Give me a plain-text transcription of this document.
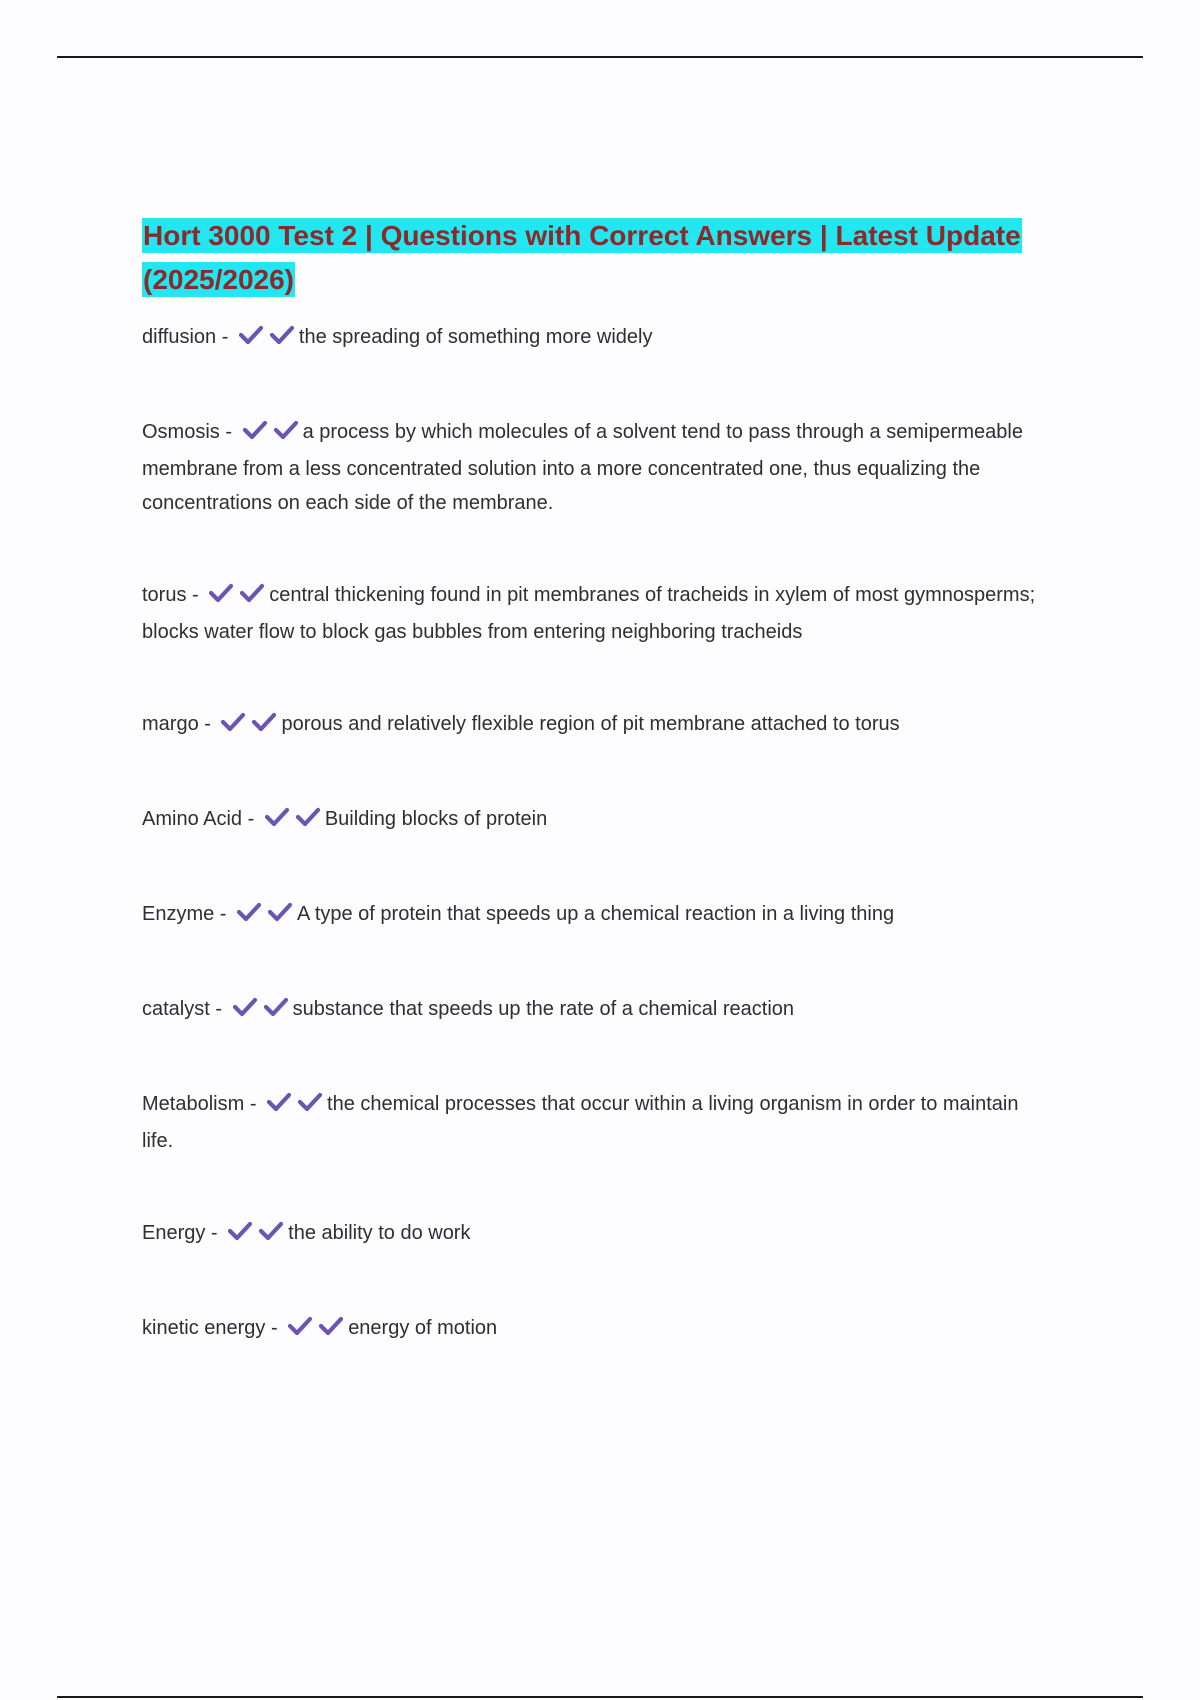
Hort 3000 Test 2 | Questions with Correct Answers | Latest Update (2025/2026)

diffusion -	the spreading of something more widely

Osmosis -	a process by which molecules of a solvent tend to pass through a semipermeable membrane from a less concentrated solution into a more concentrated one, thus equalizing the concentrations on each side of the membrane.

torus -	central thickening found in pit membranes of tracheids in xylem of most gymnosperms; blocks water flow to block gas bubbles from entering neighboring tracheids

margo -	porous and relatively flexible region of pit membrane attached to torus

Amino Acid -	Building blocks of protein

Enzyme -	A type of protein that speeds up a chemical reaction in a living thing

catalyst -	substance that speeds up the rate of a chemical reaction

Metabolism -	the chemical processes that occur within a living organism in order to maintain life.

Energy -	the ability to do work

kinetic energy -	energy of motion
